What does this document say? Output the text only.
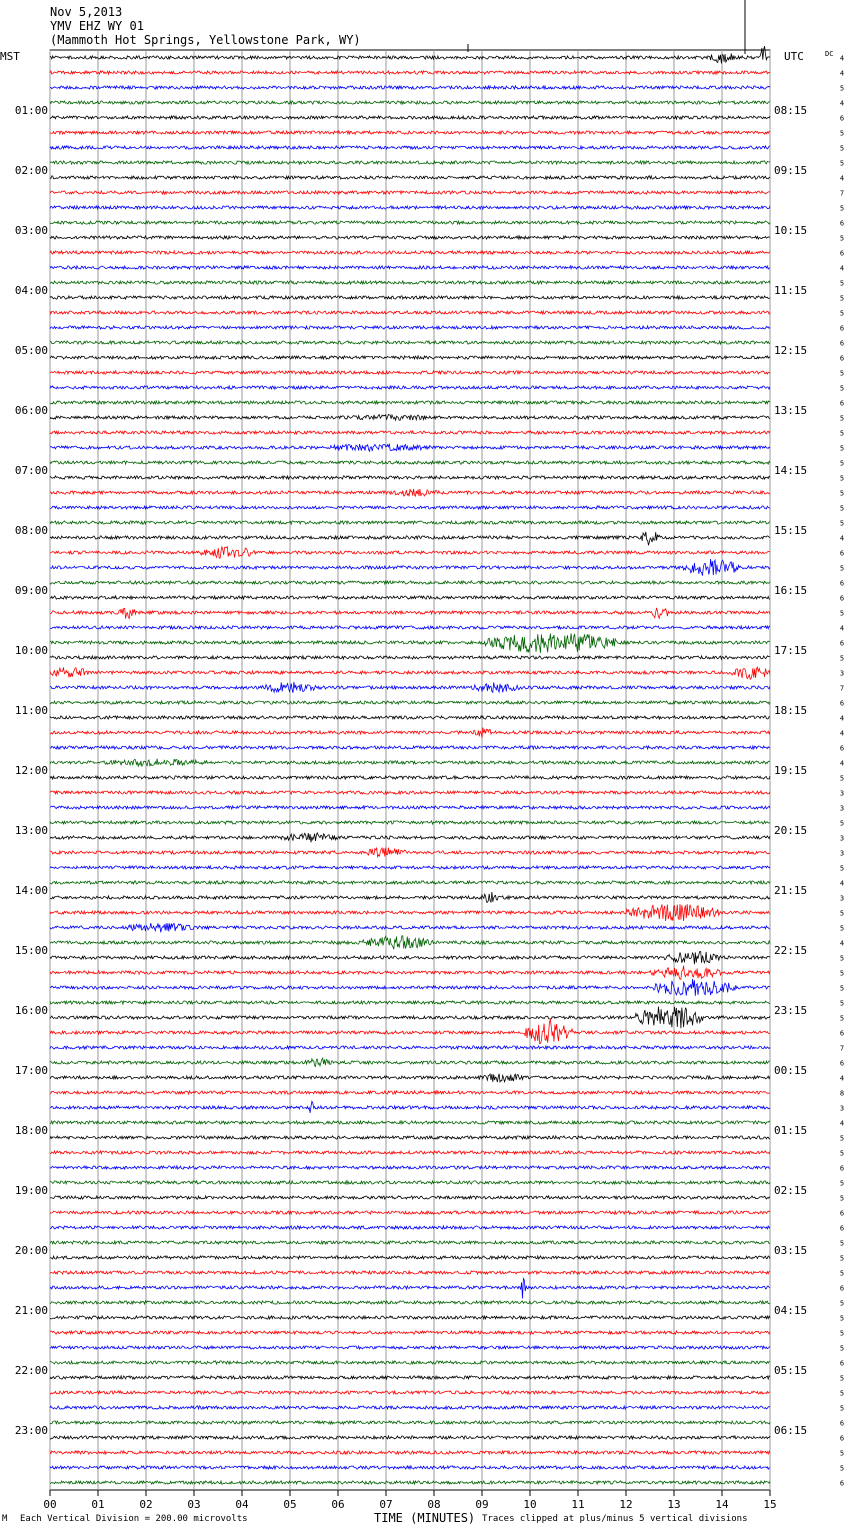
Nov 5,2013
YMV EHZ WY 01
(Mammoth Hot Springs, Yellowstone Park, WY)
MST	UTC	DC
00	01	02	03	04	05	06	07	08	09	10	11	12	13	14	15
01:00	08:15
02:00	09:15
03:00	10:15
04:00	11:15
05:00	12:15
06:00	13:15
07:00	14:15
08:00	15:15
09:00	16:15
10:00	17:15
11:00	18:15
12:00	19:15
13:00	20:15
14:00	21:15
15:00	22:15
16:00	23:15
17:00	00:15
18:00	01:15
19:00	02:15
20:00	03:15
21:00	04:15
22:00	05:15
23:00	06:15
4
4
5
4
6
5
5
5
4
7
5
6
5
6
4
5
5
5
6
6
6
5
5
6
5
5
5
5
5
5
5
5
4
6
5
6
6
5
4
6
5
3
7
6
4
4
6
4
5
3
3
5
3
3
5
4
3
5
5
4
5
5
5
5
5
6
7
6
4
8
3
4
5
5
6
5
5
6
6
5
5
5
6
5
5
5
5
6
5
5
5
6
6
5
5
6
TIME (MINUTES)
M Each Vertical Division = 200.00 microvolts	Traces clipped at plus/minus 5 vertical divisions
